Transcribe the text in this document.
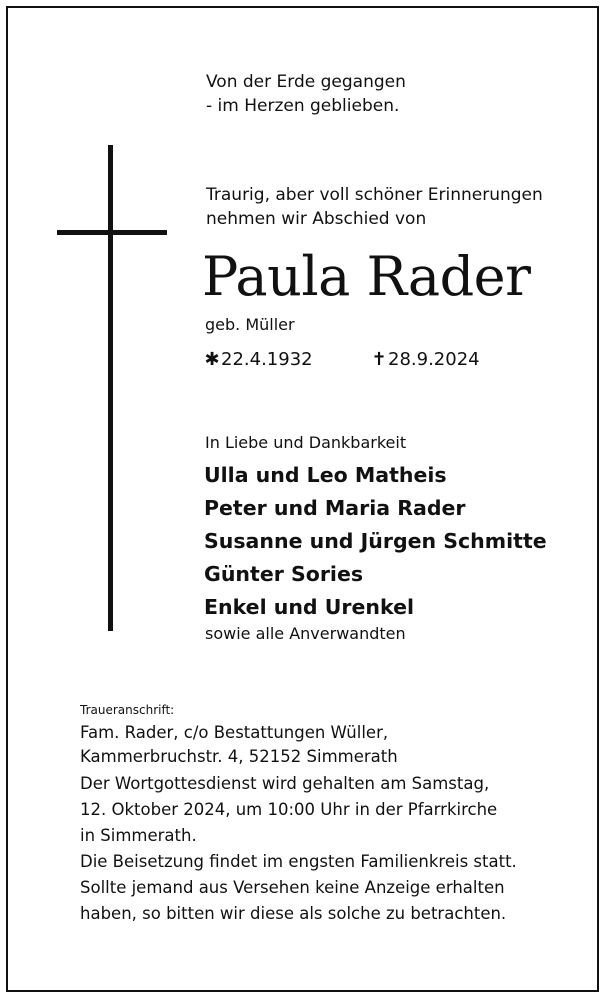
Von der Erde gegangen
- im Herzen geblieben.
Traurig, aber voll schöner Erinnerungen
nehmen wir Abschied von
Paula Rader
geb. Müller
✱22.4.1932	✝28.9.2024
In Liebe und Dankbarkeit
Ulla und Leo Matheis
Peter und Maria Rader
Susanne und Jürgen Schmitte
Günter Sories
Enkel und Urenkel
sowie alle Anverwandten
Traueranschrift:
Fam. Rader, c/o Bestattungen Wüller,
Kammerbruchstr. 4, 52152 Simmerath
Der Wortgottesdienst wird gehalten am Samstag,
12. Oktober 2024, um 10:00 Uhr in der Pfarrkirche
in Simmerath.
Die Beisetzung findet im engsten Familienkreis statt.
Sollte jemand aus Versehen keine Anzeige erhalten
haben, so bitten wir diese als solche zu betrachten.
